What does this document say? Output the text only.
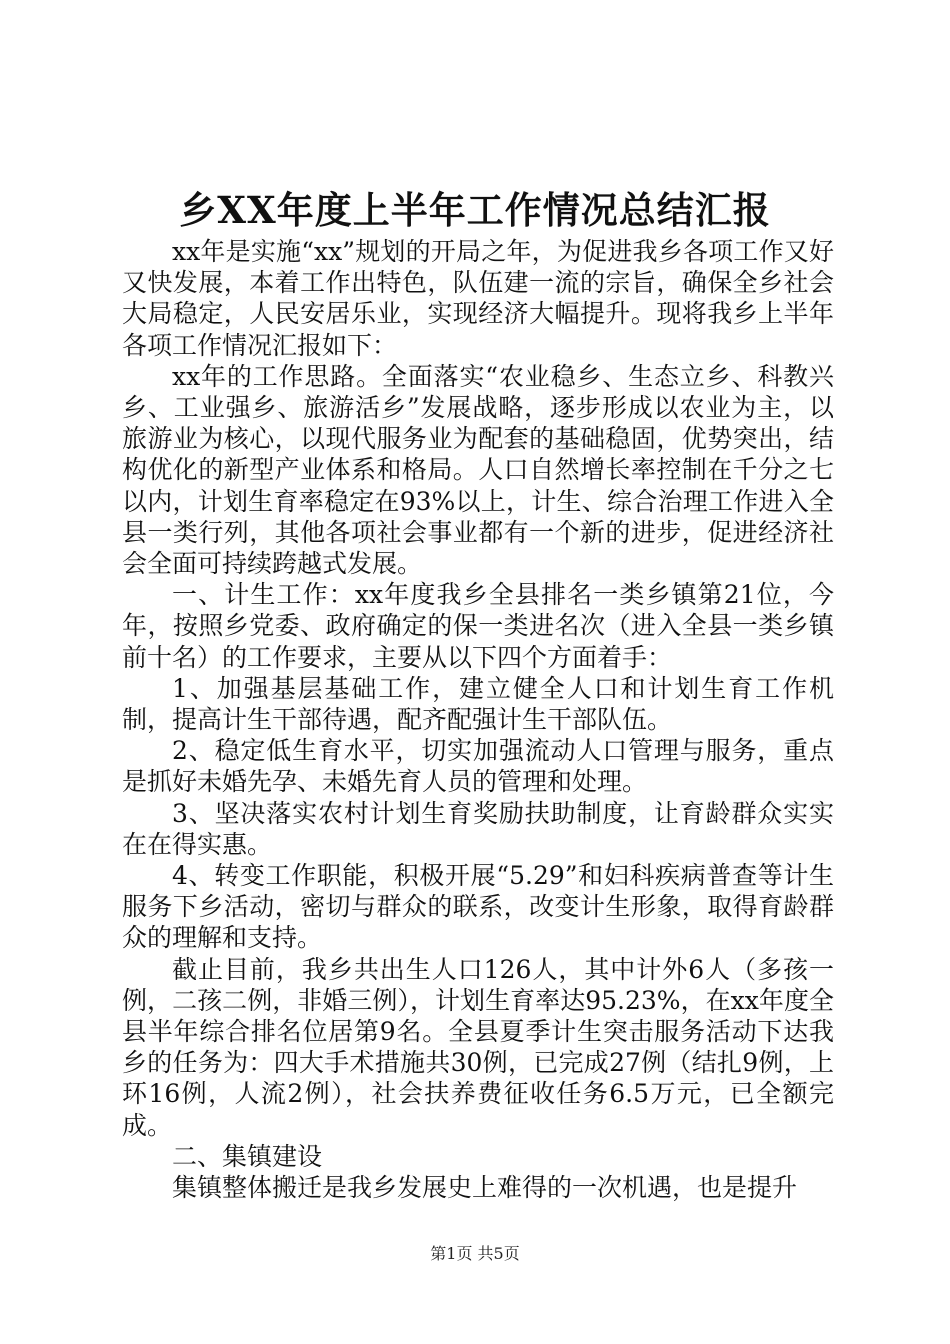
乡XX年度上半年工作情况总结汇报

xx年是实施“xx”规划的开局之年，为促进我乡各项工作又好又快发展，本着工作出特色，队伍建一流的宗旨，确保全乡社会大局稳定，人民安居乐业，实现经济大幅提升。现将我乡上半年各项工作情况汇报如下：

xx年的工作思路。全面落实“农业稳乡、生态立乡、科教兴乡、工业强乡、旅游活乡”发展战略，逐步形成以农业为主，以旅游业为核心，以现代服务业为配套的基础稳固，优势突出，结构优化的新型产业体系和格局。人口自然增长率控制在千分之七以内，计划生育率稳定在93%以上，计生、综合治理工作进入全县一类行列，其他各项社会事业都有一个新的进步，促进经济社会全面可持续跨越式发展。

一、计生工作：xx年度我乡全县排名一类乡镇第21位，今年，按照乡党委、政府确定的保一类进名次（进入全县一类乡镇前十名）的工作要求，主要从以下四个方面着手：

1、加强基层基础工作，建立健全人口和计划生育工作机制，提高计生干部待遇，配齐配强计生干部队伍。

2、稳定低生育水平，切实加强流动人口管理与服务，重点是抓好未婚先孕、未婚先育人员的管理和处理。

3、坚决落实农村计划生育奖励扶助制度，让育龄群众实实在在得实惠。

4、转变工作职能，积极开展“5.29”和妇科疾病普查等计生服务下乡活动，密切与群众的联系，改变计生形象，取得育龄群众的理解和支持。

截止目前，我乡共出生人口126人，其中计外6人（多孩一例，二孩二例，非婚三例），计划生育率达95.23%，在xx年度全县半年综合排名位居第9名。全县夏季计生突击服务活动下达我乡的任务为：四大手术措施共30例，已完成27例（结扎9例，上环16例，人流2例），社会扶养费征收任务6.5万元，已全额完成。

二、集镇建设

集镇整体搬迁是我乡发展史上难得的一次机遇，也是提升

第1页 共5页
